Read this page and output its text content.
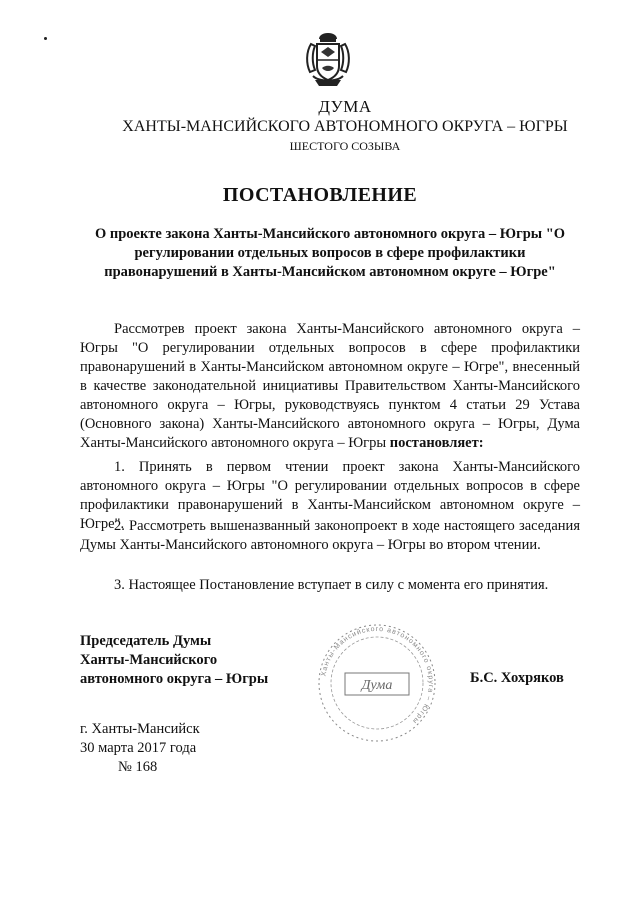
ДУМА
ХАНТЫ-МАНСИЙСКОГО АВТОНОМНОГО ОКРУГА – ЮГРЫ
ШЕСТОГО СОЗЫВА
ПОСТАНОВЛЕНИЕ
О проекте закона Ханты-Мансийского автономного округа – Югры "О регулировании отдельных вопросов в сфере профилактики правонарушений в Ханты-Мансийском автономном округе – Югре"
Рассмотрев проект закона Ханты-Мансийского автономного округа – Югры "О регулировании отдельных вопросов в сфере профилактики правонарушений в Ханты-Мансийском автономном округе – Югре", внесенный в качестве законодательной инициативы Правительством Ханты-Мансийского автономного округа – Югры, руководствуясь пунктом 4 статьи 29 Устава (Основного закона) Ханты-Мансийского автономного округа – Югры, Дума Ханты-Мансийского автономного округа – Югры постановляет:
1. Принять в первом чтении проект закона Ханты-Мансийского автономного округа – Югры "О регулировании отдельных вопросов в сфере профилактики правонарушений в Ханты-Мансийском автономном округе – Югре".
2. Рассмотреть вышеназванный законопроект в ходе настоящего заседания Думы Ханты-Мансийского автономного округа – Югры во втором чтении.
3. Настоящее Постановление вступает в силу с момента его принятия.
Председатель Думы
Ханты-Мансийского
автономного округа – Югры	Ханты-Мансийского автономного округа – Югры
Дума	Б.С. Хохряков
г. Ханты-Мансийск
30 марта 2017 года
№ 168
